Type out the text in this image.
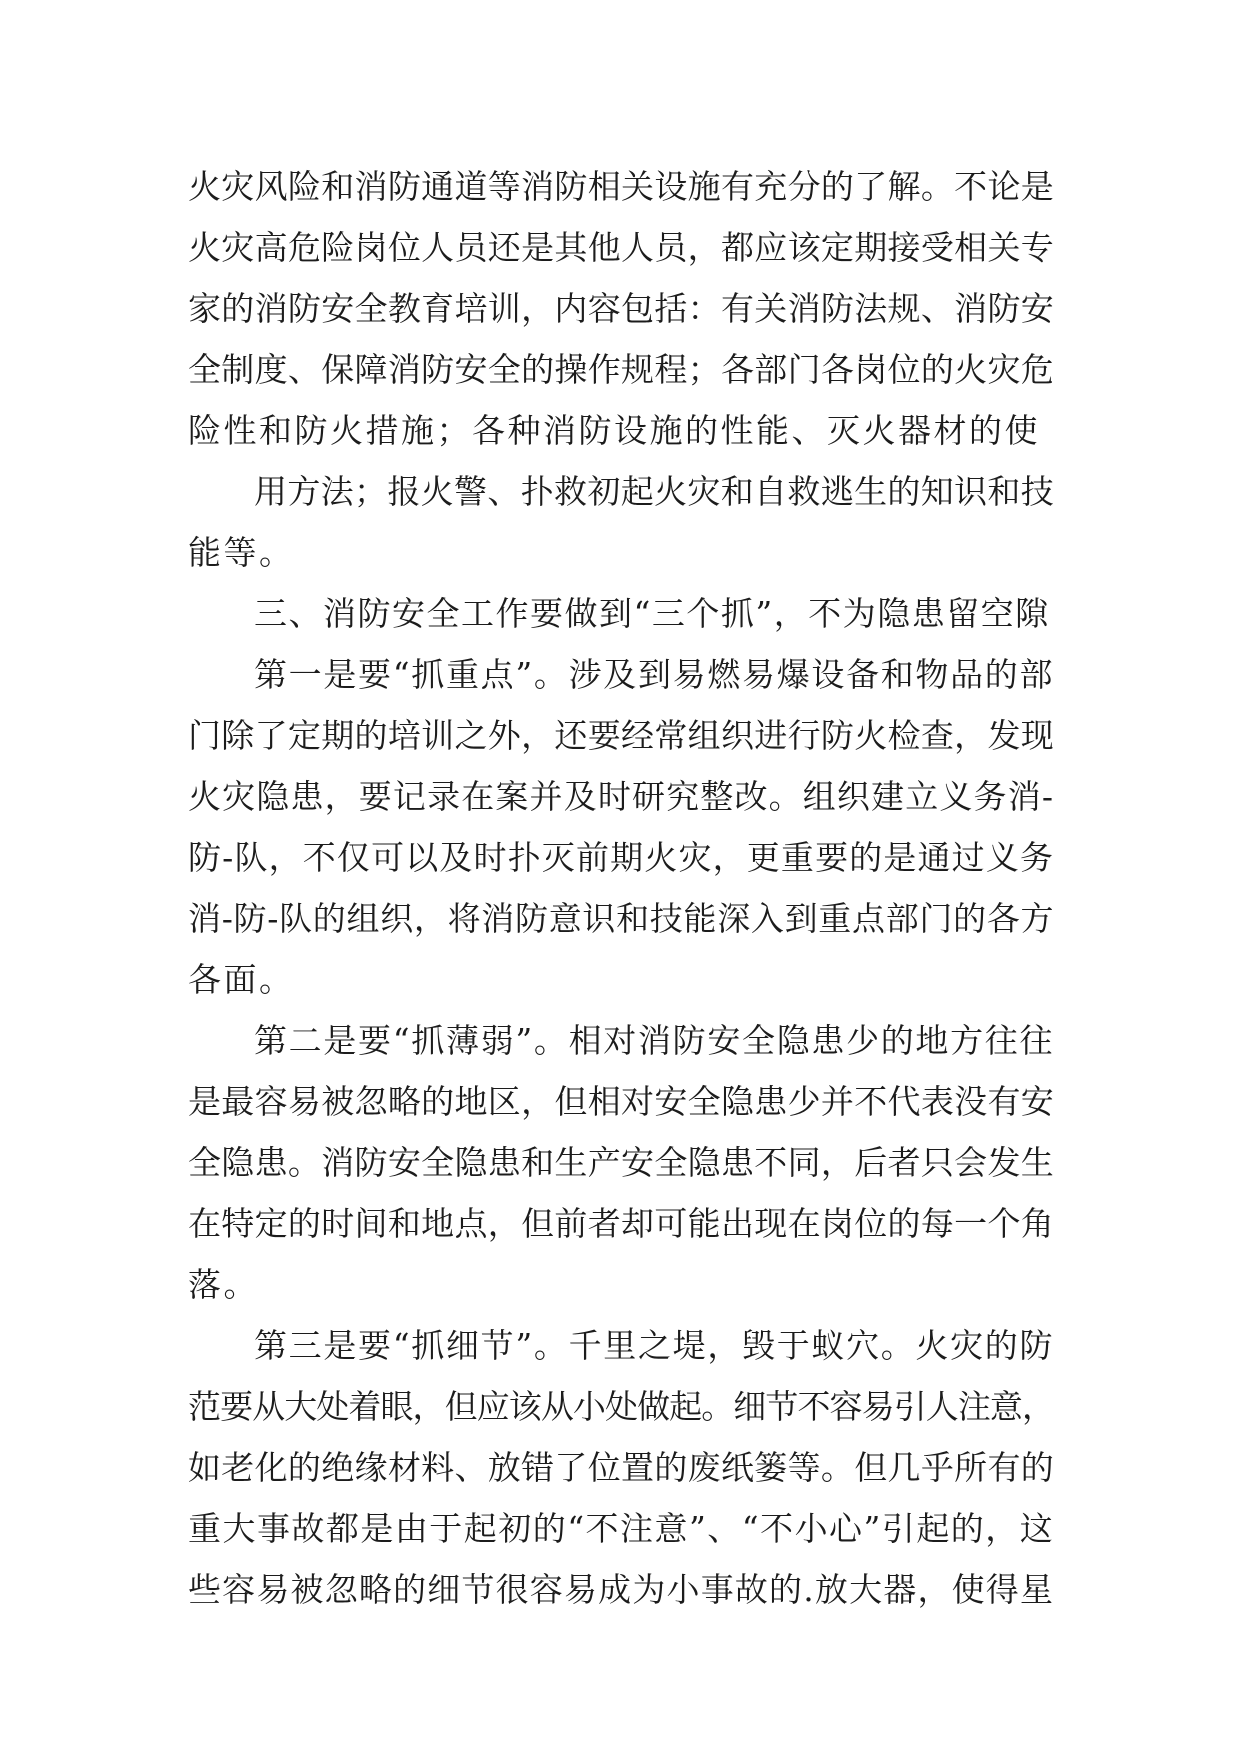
火灾风险和消防通道等消防相关设施有充分的了解。不论是
火灾高危险岗位人员还是其他人员，都应该定期接受相关专
家的消防安全教育培训，内容包括：有关消防法规、消防安
全制度、保障消防安全的操作规程；各部门各岗位的火灾危
险性和防火措施；各种消防设施的性能、灭火器材的使
用方法；报火警、扑救初起火灾和自救逃生的知识和技
能等。
三、消防安全工作要做到“三个抓”，不为隐患留空隙
第一是要“抓重点”。涉及到易燃易爆设备和物品的部
门除了定期的培训之外，还要经常组织进行防火检查，发现
火灾隐患，要记录在案并及时研究整改。组织建立义务消-
防-队，不仅可以及时扑灭前期火灾，更重要的是通过义务
消-防-队的组织，将消防意识和技能深入到重点部门的各方
各面。
第二是要“抓薄弱”。相对消防安全隐患少的地方往往
是最容易被忽略的地区，但相对安全隐患少并不代表没有安
全隐患。消防安全隐患和生产安全隐患不同，后者只会发生
在特定的时间和地点，但前者却可能出现在岗位的每一个角
落。
第三是要“抓细节”。千里之堤，毁于蚁穴。火灾的防
范要从大处着眼，但应该从小处做起。细节不容易引人注意，
如老化的绝缘材料、放错了位置的废纸篓等。但几乎所有的
重大事故都是由于起初的“不注意”、“不小心”引起的，这
些容易被忽略的细节很容易成为小事故的.放大器，使得星
